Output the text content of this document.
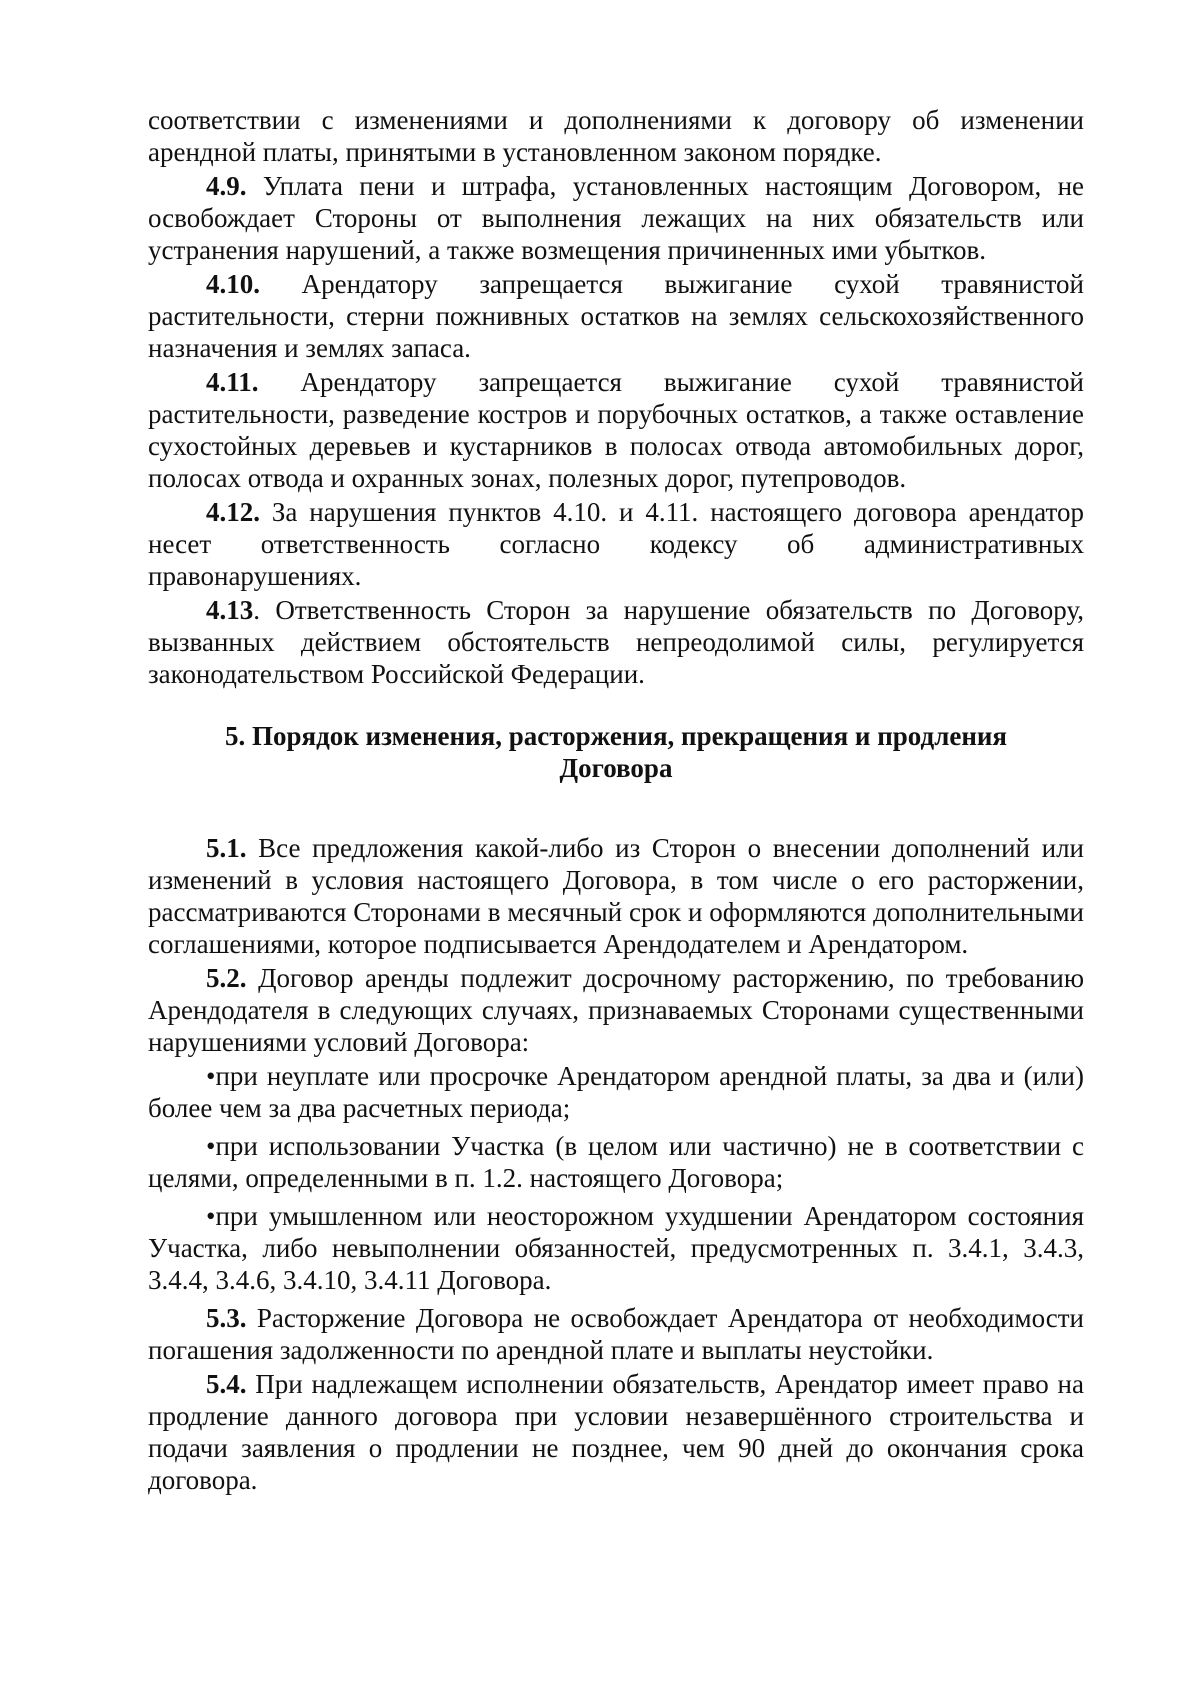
соответствии с изменениями и дополнениями к договору об изменении арендной платы, принятыми в установленном законом порядке.

4.9. Уплата пени и штрафа, установленных настоящим Договором, не освобождает Стороны от выполнения лежащих на них обязательств или устранения нарушений, а также возмещения причиненных ими убытков.

4.10. Арендатору запрещается выжигание сухой травянистой растительности, стерни пожнивных остатков на землях сельскохозяйственного назначения и землях запаса.

4.11. Арендатору запрещается выжигание сухой травянистой растительности, разведение костров и порубочных остатков, а также оставление сухостойных деревьев и кустарников в полосах отвода автомобильных дорог, полосах отвода и охранных зонах, полезных дорог, путепроводов.

4.12. За нарушения пунктов 4.10. и 4.11. настоящего договора арендатор несет ответственность согласно кодексу об административных правонарушениях.

4.13. Ответственность Сторон за нарушение обязательств по Договору, вызванных действием обстоятельств непреодолимой силы, регулируется законодательством Российской Федерации.

5. Порядок изменения, расторжения, прекращения и продления
Договора

5.1. Все предложения какой-либо из Сторон о внесении дополнений или изменений в условия настоящего Договора, в том числе о его расторжении, рассматриваются Сторонами в месячный срок и оформляются дополнительными соглашениями, которое подписывается Арендодателем и Арендатором.

5.2. Договор аренды подлежит досрочному расторжению, по требованию Арендодателя в следующих случаях, признаваемых Сторонами существенными нарушениями условий Договора:

•при неуплате или просрочке Арендатором арендной платы, за два и (или) более чем за два расчетных периода;

•при использовании Участка (в целом или частично) не в соответствии с целями, определенными в п. 1.2. настоящего Договора;

•при умышленном или неосторожном ухудшении Арендатором состояния Участка, либо невыполнении обязанностей, предусмотренных п. 3.4.1, 3.4.3, 3.4.4, 3.4.6, 3.4.10, 3.4.11 Договора.

5.3. Расторжение Договора не освобождает Арендатора от необходимости погашения задолженности по арендной плате и выплаты неустойки.

5.4. При надлежащем исполнении обязательств, Арендатор имеет право на продление данного договора при условии незавершённого строительства и подачи заявления о продлении не позднее, чем 90 дней до окончания срока договора.
